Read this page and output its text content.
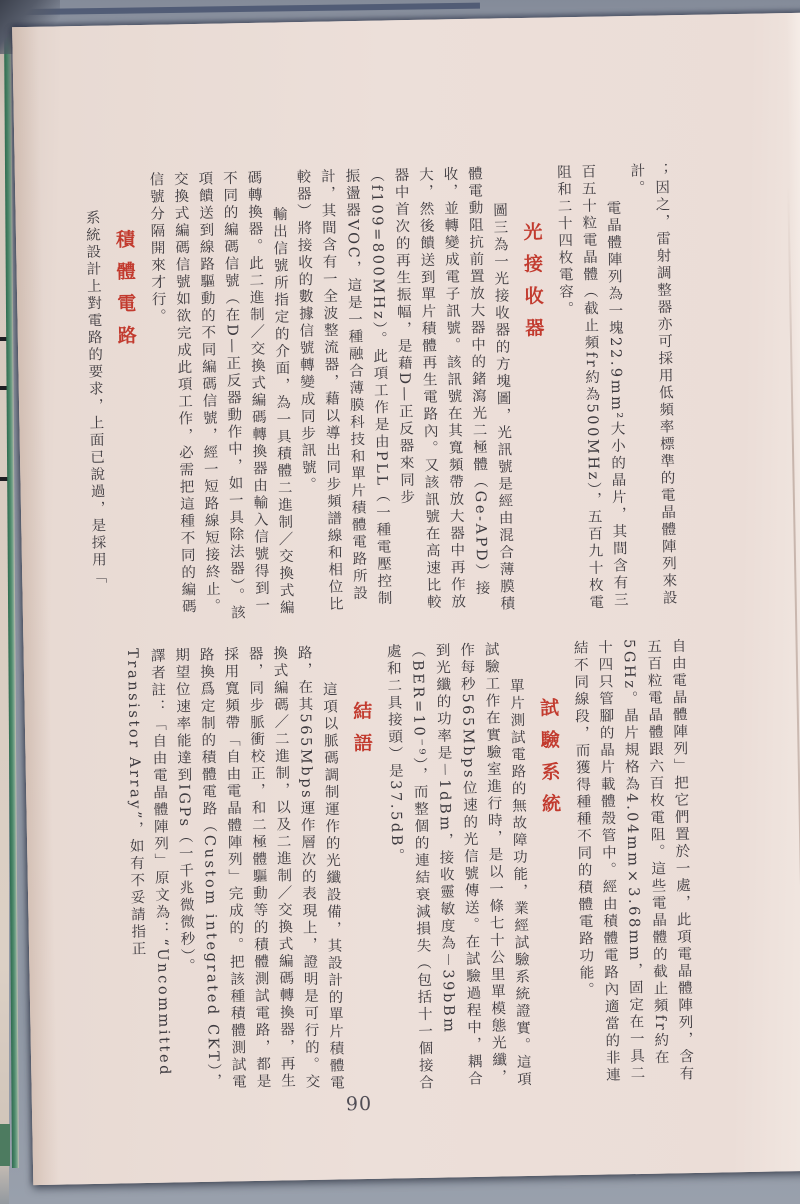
；因之，雷射調整器亦可採用低頻率標準的電晶體陣列來設計。

電晶體陣列為一塊22.9mm²大小的晶片，其間含有三百五十粒電晶體（截止頻fr約為500MHz），五百九十枚電阻和二十四枚電容。

光接收器

圖三為一光接收器的方塊圖，光訊號是經由混合薄膜積體電動阻抗前置放大器中的鍺瀉光二極體（Ge-APD）接收，並轉變成電子訊號。該訊號在其寬頻帶放大器中再作放大，然後饋送到單片積體再生電路內。又該訊號在高速比較器中首次的再生振幅，是藉D—正反器來同步（f109=800MHz）。此項工作是由PLL（一種電壓控制振盪器VOC，這是一種融合薄膜科技和單片積體電路所設計，其間含有一全波整流器，藉以導出同步頻譜線和相位比較器）將接收的數據信號轉變成同步訊號。

輸出信號所指定的介面，為一具積體二進制／交換式編碼轉換器。此二進制／交換式編碼轉換器由輸入信號得到一不同的編碼信號（在D—正反器動作中，如一具除法器）。該項饋送到線路驅動的不同編碼信號，經一短路線短接終止。交換式編碼信號如欲完成此項工作，必需把這種不同的編碼信號分隔開來才行。

積體電路

系統設計上對電路的要求，上面已說過，是採用「

自由電晶體陣列」把它們置於一處，此項電晶體陣列，含有五百粒電晶體跟六百枚電阻。這些電晶體的截止頻fr約在5GHz。晶片規格為4.04mm×3.68mm，固定在一具二十四只管腳的晶片載體殼管中。經由積體電路內適當的非連結不同線段，而獲得種種不同的積體電路功能。

試驗系統

單片測試電路的無故障功能，業經試驗系統證實。這項試驗工作在實驗室進行時，是以一條七十公里單模態光纖，作每秒565Mbps位速的光信號傳送。在試驗過程中，耦合到光纖的功率是－1dBm，接收靈敏度為－39bBm（BER=10⁻⁹），而整個的連結衰減損失（包括十一個接合處和二具接頭）是37.5dB。

結語

這項以脈碼調制運作的光纖設備，其設計的單片積體電路，在其565Mbps運作層次的表現上，證明是可行的。交換式編碼／二進制，以及二進制／交換式編碼轉換器，再生器，同步脈衝校正，和二極體驅動等的積體測試電路，都是採用寬頻帶「自由電晶體陣列」完成的。把該種積體測試電路換爲定制的積體電路（Custom integrated CKT），期望位速率能達到IGPs（一千兆微微秒）。

譯者註：「自由電晶體陣列」原文為：“Uncommitted Transistor Array”，如有不妥請指正

90
